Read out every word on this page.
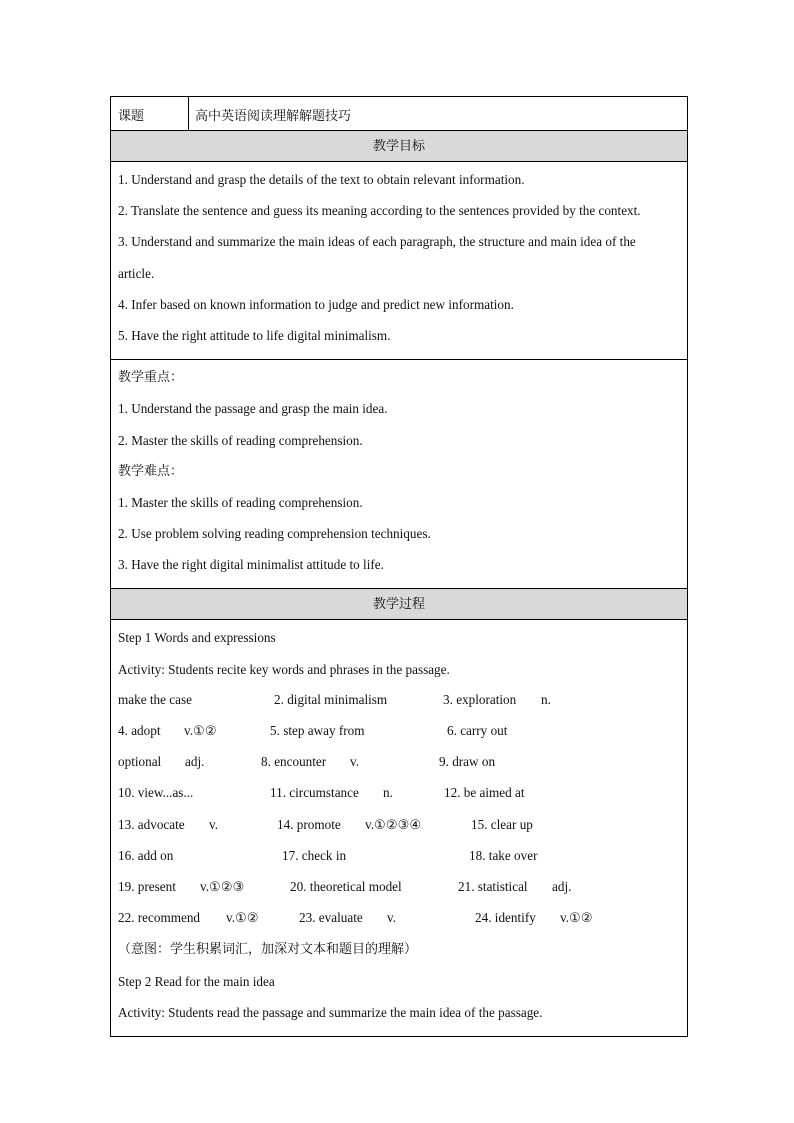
课题	高中英语阅读理解解题技巧
教学目标
1. Understand and grasp the details of the text to obtain relevant information.
2. Translate the sentence and guess its meaning according to the sentences provided by the context.
3. Understand and summarize the main ideas of each paragraph, the structure and main idea of the
article.
4. Infer based on known information to judge and predict new information.
5. Have the right attitude to life digital minimalism.
教学重点：
1. Understand the passage and grasp the main idea.
2. Master the skills of reading comprehension.
教学难点：
1. Master the skills of reading comprehension.
2. Use problem solving reading comprehension techniques.
3. Have the right digital minimalist attitude to life.
教学过程
Step 1 Words and expressions
Activity: Students recite key words and phrases in the passage.
make the case	2. digital minimalism	3. exploration n.
4. adopt v.①②	5. step away from	6. carry out
optional adj.	8. encounter v.	9. draw on
10. view...as...	11. circumstance n.	12. be aimed at
13. advocate v.	14. promote v.①②③④	15. clear up
16. add on	17. check in	18. take over
19. present v.①②③	20. theoretical model	21. statistical adj.
22. recommend v.①②	23. evaluate v.	24. identify v.①②
（意图：学生积累词汇，加深对文本和题目的理解）
Step 2 Read for the main idea
Activity: Students read the passage and summarize the main idea of the passage.
